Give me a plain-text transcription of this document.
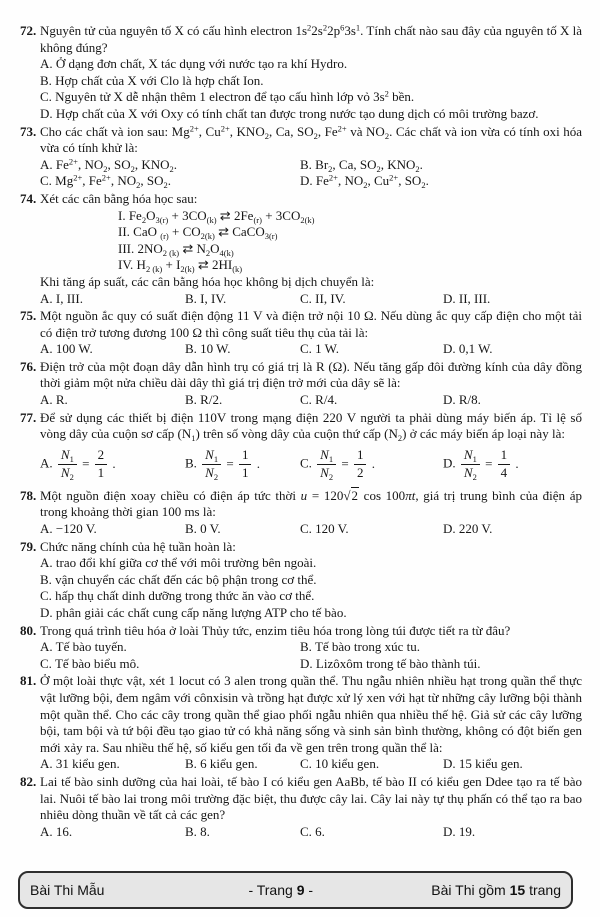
72. Nguyên tử của nguyên tố X có cấu hình electron $1s^22s^22p^63s^1$. Tính chất nào sau đây của nguyên tố X là không đúng?
A. Ở dạng đơn chất, X tác dụng với nước tạo ra khí Hydro.
B. Hợp chất của X với Clo là hợp chất Ion.
C. Nguyên tử X dễ nhận thêm 1 electron để tạo cấu hình lớp vỏ $3s^2$ bền.
D. Hợp chất của X với Oxy có tính chất tan được trong nước tạo dung dịch có môi trường bazơ.
73. Cho các chất và ion sau: $Mg^{2+}$, $Cu^{2+}$, $KNO_2$, Ca, $SO_2$, $Fe^{2+}$ và $NO_2$. Các chất và ion vừa có tính oxi hóa vừa có tính khử là:
A. $Fe^{2+}$, $NO_2$, $SO_2$, $KNO_2$.	B. $Br_2$, Ca, $SO_2$, $KNO_2$.
C. $Mg^{2+}$, $Fe^{2+}$, $NO_2$, $SO_2$.	D. $Fe^{2+}$, $NO_2$, $Cu^{2+}$, $SO_2$.
74. Xét các cân bằng hóa học sau:
I. $Fe_2O_{3(r)} + 3CO_{(k)}$ ⇄ $2Fe_{(r)} + 3CO_{2(k)}$
II. CaO $_{(r)} + CO_{2(k)}$ ⇄ CaCO$_{3(r)}$
III. $2NO_{2 (k)}$ ⇄ $N_2O_{4(k)}$
IV. $H_{2 (k)} + I_{2(k)}$ ⇄ $2HI_{(k)}$
Khi tăng áp suất, các cân bằng hóa học không bị dịch chuyển là:
A. I, III.	B. I, IV.	C. II, IV.	D. II, III.
75. Một nguồn ắc quy có suất điện động 11 V và điện trở nội 10 Ω. Nếu dùng ắc quy cấp điện cho một tải có điện trở tương đương 100 Ω thì công suất tiêu thụ của tải là:
A. 100 W.	B. 10 W.	C. 1 W.	D. 0,1 W.
76. Điện trở của một đoạn dây dẫn hình trụ có giá trị là R (Ω). Nếu tăng gấp đôi đường kính của dây đồng thời giảm một nửa chiều dài dây thì giá trị điện trở mới của dây sẽ là:
A. R.	B. R/2.	C. R/4.	D. R/8.
77. Để sử dụng các thiết bị điện 110V trong mạng điện 220 V người ta phải dùng máy biến áp. Tỉ lệ số vòng dây của cuộn sơ cấp $(N_1)$ trên số vòng dây của cuộn thứ cấp $(N_2)$ ở các máy biến áp loại này là:
A. $\frac{N_1}{N_2} = \frac{2}{1}$ .	B. $\frac{N_1}{N_2} = \frac{1}{1}$ .	C. $\frac{N_1}{N_2} = \frac{1}{2}$ .	D. $\frac{N_1}{N_2} = \frac{1}{4}$ .
78. Một nguồn điện xoay chiều có điện áp tức thời u = 120√2 cos 100πt, giá trị trung bình của điện áp trong khoảng thời gian 100 ms là:
A. −120 V.	B. 0 V.	C. 120 V.	D. 220 V.
79. Chức năng chính của hệ tuần hoàn là:
A. trao đổi khí giữa cơ thể với môi trường bên ngoài.
B. vận chuyển các chất đến các bộ phận trong cơ thể.
C. hấp thụ chất dinh dưỡng trong thức ăn vào cơ thể.
D. phân giải các chất cung cấp năng lượng ATP cho tế bào.
80. Trong quá trình tiêu hóa ở loài Thủy tức, enzim tiêu hóa trong lòng túi được tiết ra từ đâu?
A. Tế bào tuyến.	B. Tế bào trong xúc tu.
C. Tế bào biểu mô.	D. Lizôxôm trong tế bào thành túi.
81. Ở một loài thực vật, xét 1 locut có 3 alen trong quần thể. Thu ngẫu nhiên nhiều hạt trong quần thể thực vật lưỡng bội, đem ngâm với cônxisin và trồng hạt được xử lý xen với hạt từ những cây lưỡng bội thành một quần thể. Cho các cây trong quần thể giao phối ngẫu nhiên qua nhiều thế hệ. Giả sử các cây lưỡng bội, tam bội và tứ bội đều tạo giao tử có khả năng sống và sinh sản bình thường, không có đột biến gen mới xảy ra. Sau nhiều thế hệ, số kiểu gen tối đa về gen trên trong quần thể là:
A. 31 kiểu gen.	B. 6 kiểu gen.	C. 10 kiểu gen.	D. 15 kiểu gen.
82. Lai tế bào sinh dưỡng của hai loài, tế bào I có kiểu gen AaBb, tế bào II có kiểu gen Ddee tạo ra tế bào lai. Nuôi tế bào lai trong môi trường đặc biệt, thu được cây lai. Cây lai này tự thụ phấn có thể tạo ra bao nhiêu dòng thuần về tất cả các gen?
A. 16.	B. 8.	C. 6.	D. 19.
Bài Thi Mẫu	- Trang 9 -	Bài Thi gồm 15 trang
